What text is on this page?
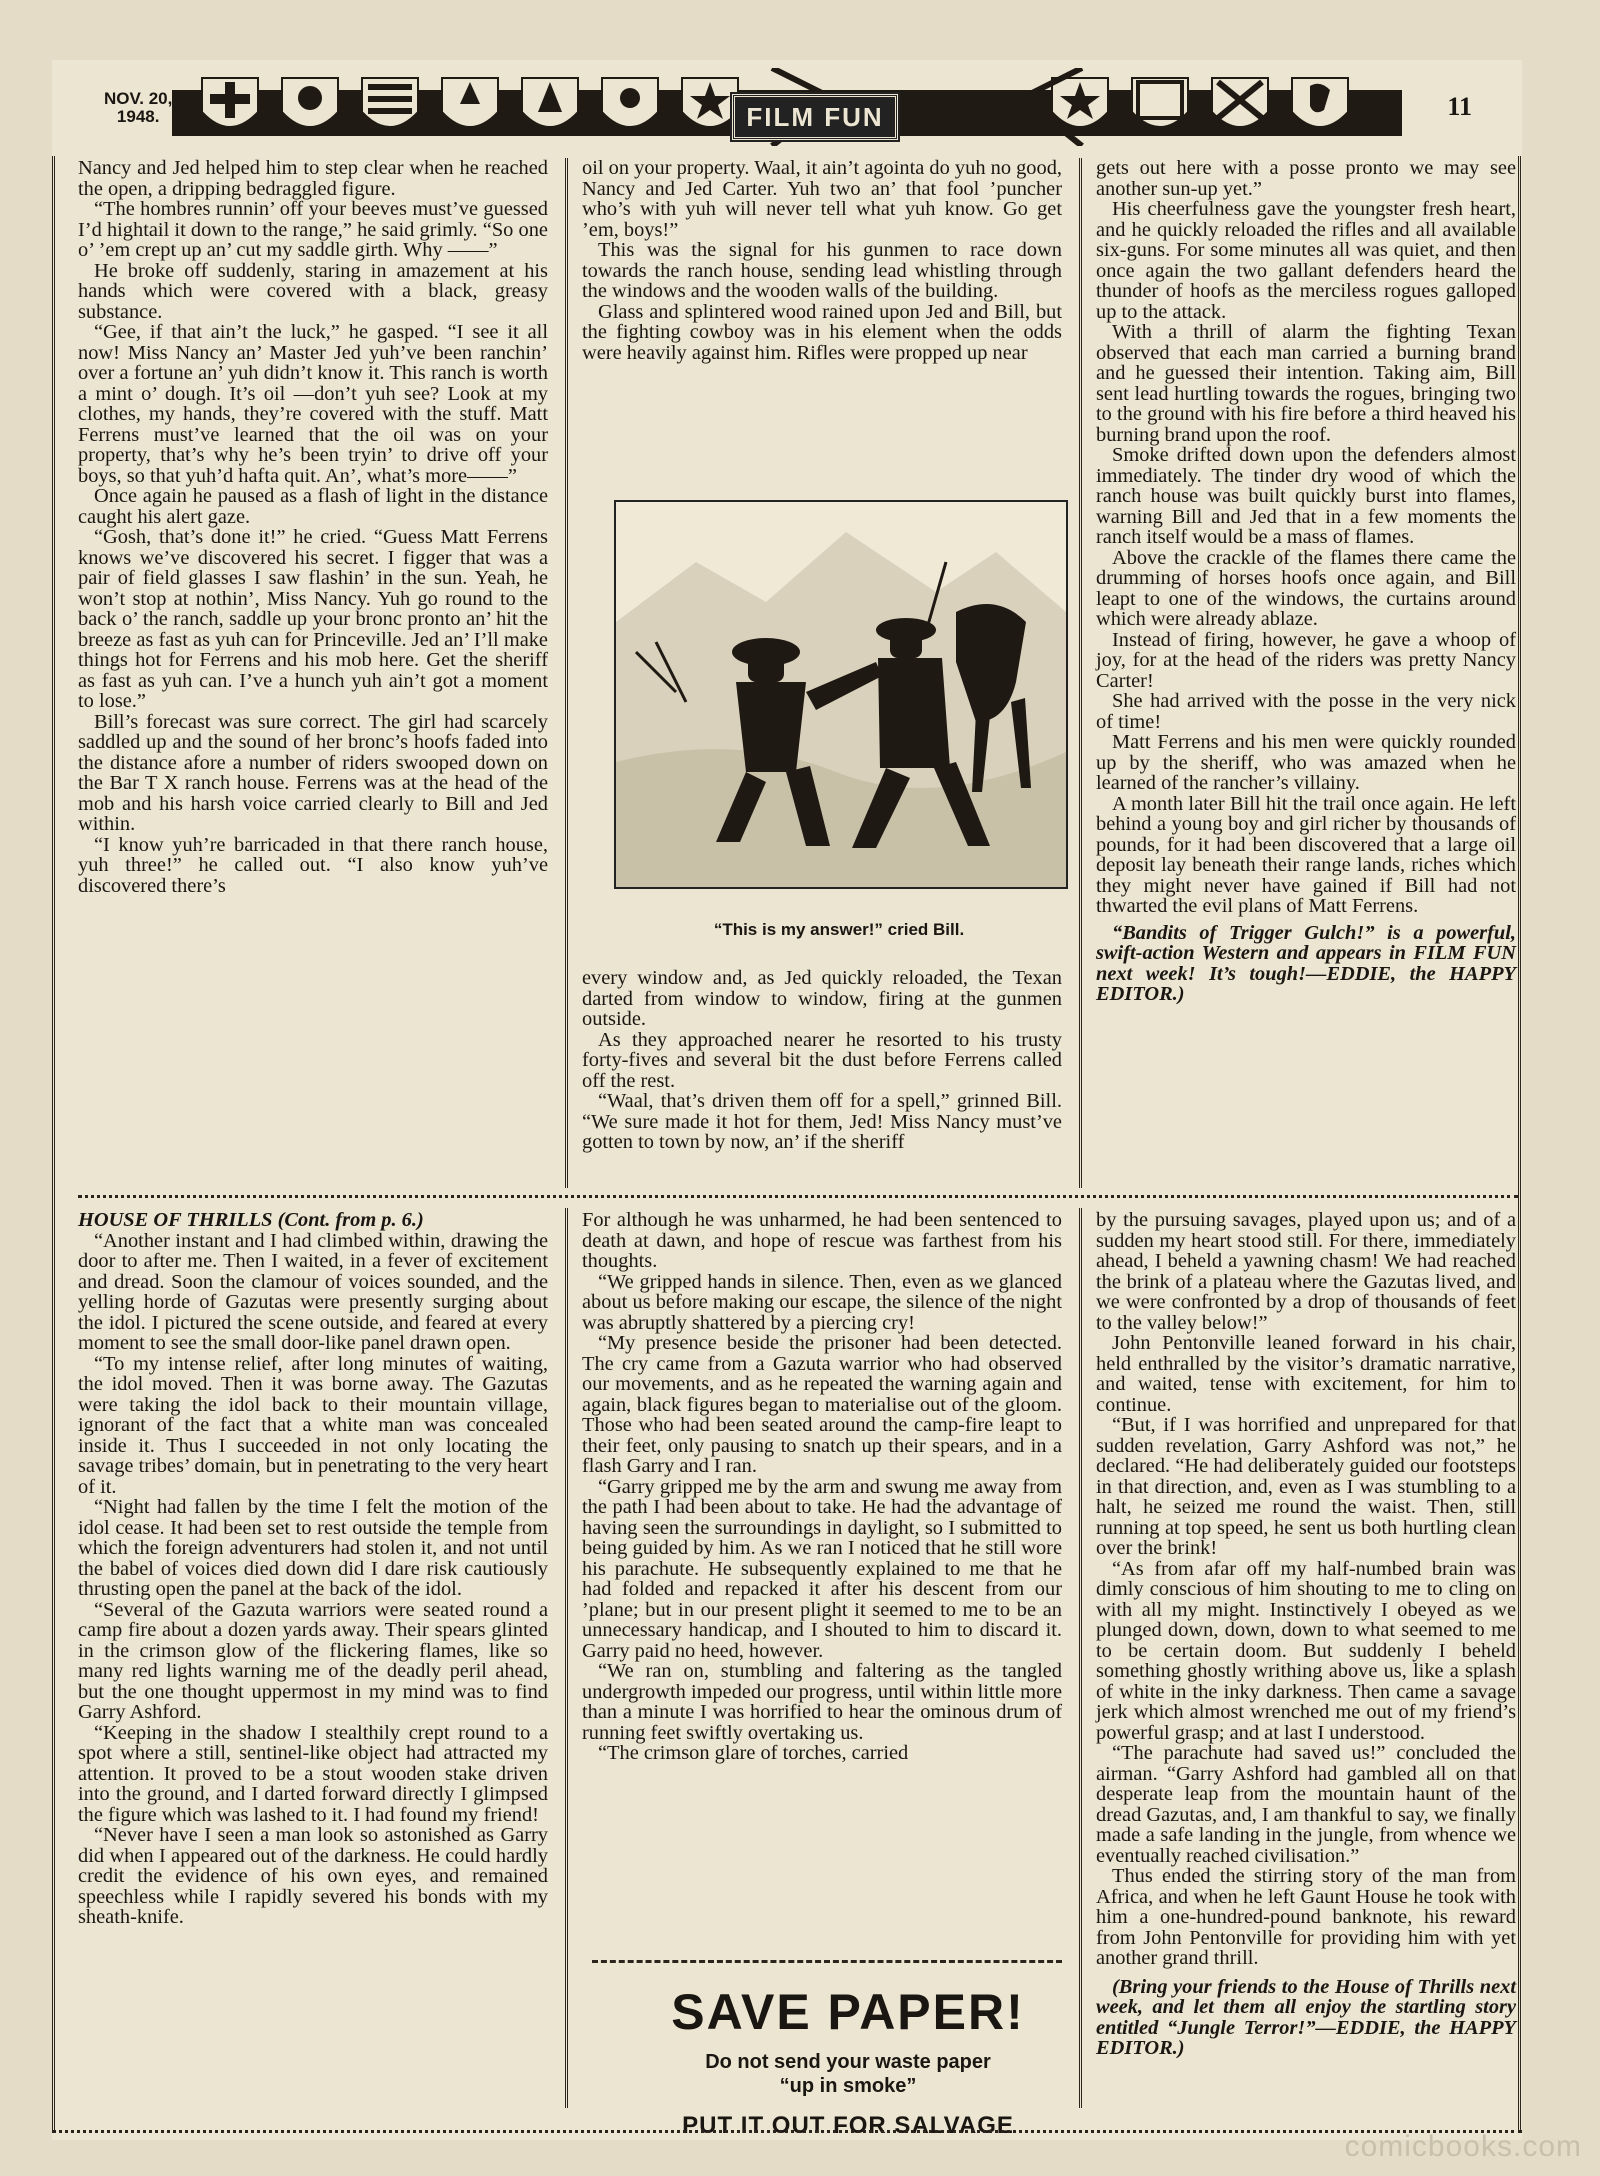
NOV. 20,
1948.	FILM FUN	11

Nancy and Jed helped him to step clear when he reached the open, a dripping bedraggled figure.

“The hombres runnin’ off your beeves must’ve guessed I’d hightail it down to the range,” he said grimly. “So one o’ ’em crept up an’ cut my saddle girth. Why ——”

He broke off suddenly, staring in amazement at his hands which were covered with a black, greasy substance.

“Gee, if that ain’t the luck,” he gasped. “I see it all now! Miss Nancy an’ Master Jed yuh’ve been ranchin’ over a fortune an’ yuh didn’t know it. This ranch is worth a mint o’ dough. It’s oil —don’t yuh see? Look at my clothes, my hands, they’re covered with the stuff. Matt Ferrens must’ve learned that the oil was on your property, that’s why he’s been tryin’ to drive off your boys, so that yuh’d hafta quit. An’, what’s more——”

Once again he paused as a flash of light in the distance caught his alert gaze.

“Gosh, that’s done it!” he cried. “Guess Matt Ferrens knows we’ve discovered his secret. I figger that was a pair of field glasses I saw flashin’ in the sun. Yeah, he won’t stop at nothin’, Miss Nancy. Yuh go round to the back o’ the ranch, saddle up your bronc pronto an’ hit the breeze as fast as yuh can for Princeville. Jed an’ I’ll make things hot for Ferrens and his mob here. Get the sheriff as fast as yuh can. I’ve a hunch yuh ain’t got a moment to lose.”

Bill’s forecast was sure correct. The girl had scarcely saddled up and the sound of her bronc’s hoofs faded into the distance afore a number of riders swooped down on the Bar T X ranch house. Ferrens was at the head of the mob and his harsh voice carried clearly to Bill and Jed within.

“I know yuh’re barricaded in that there ranch house, yuh three!” he called out. “I also know yuh’ve discovered there’s

oil on your property. Waal, it ain’t agointa do yuh no good, Nancy and Jed Carter. Yuh two an’ that fool ’puncher who’s with yuh will never tell what yuh know. Go get ’em, boys!”

This was the signal for his gunmen to race down towards the ranch house, sending lead whistling through the windows and the wooden walls of the building.

Glass and splintered wood rained upon Jed and Bill, but the fighting cowboy was in his element when the odds were heavily against him. Rifles were propped up near

“This is my answer!” cried Bill.

every window and, as Jed quickly reloaded, the Texan darted from window to window, firing at the gunmen outside.

As they approached nearer he resorted to his trusty forty-fives and several bit the dust before Ferrens called off the rest.

“Waal, that’s driven them off for a spell,” grinned Bill. “We sure made it hot for them, Jed! Miss Nancy must’ve gotten to town by now, an’ if the sheriff

gets out here with a posse pronto we may see another sun-up yet.”

His cheerfulness gave the youngster fresh heart, and he quickly reloaded the rifles and all available six-guns. For some minutes all was quiet, and then once again the two gallant defenders heard the thunder of hoofs as the merciless rogues galloped up to the attack.

With a thrill of alarm the fighting Texan observed that each man carried a burning brand and he guessed their intention. Taking aim, Bill sent lead hurtling towards the rogues, bringing two to the ground with his fire before a third heaved his burning brand upon the roof.

Smoke drifted down upon the defenders almost immediately. The tinder dry wood of which the ranch house was built quickly burst into flames, warning Bill and Jed that in a few moments the ranch itself would be a mass of flames.

Above the crackle of the flames there came the drumming of horses hoofs once again, and Bill leapt to one of the windows, the curtains around which were already ablaze.

Instead of firing, however, he gave a whoop of joy, for at the head of the riders was pretty Nancy Carter!

She had arrived with the posse in the very nick of time!

Matt Ferrens and his men were quickly rounded up by the sheriff, who was amazed when he learned of the rancher’s villainy.

A month later Bill hit the trail once again. He left behind a young boy and girl richer by thousands of pounds, for it had been discovered that a large oil deposit lay beneath their range lands, riches which they might never have gained if Bill had not thwarted the evil plans of Matt Ferrens.

“Bandits of Trigger Gulch!” is a powerful, swift-action Western and appears in FILM FUN next week! It’s tough!—EDDIE, the HAPPY EDITOR.)

HOUSE OF THRILLS (Cont. from p. 6.)

“Another instant and I had climbed within, drawing the door to after me. Then I waited, in a fever of excitement and dread. Soon the clamour of voices sounded, and the yelling horde of Gazutas were presently surging about the idol. I pictured the scene outside, and feared at every moment to see the small door-like panel drawn open.

“To my intense relief, after long minutes of waiting, the idol moved. Then it was borne away. The Gazutas were taking the idol back to their mountain village, ignorant of the fact that a white man was concealed inside it. Thus I succeeded in not only locating the savage tribes’ domain, but in penetrating to the very heart of it.

“Night had fallen by the time I felt the motion of the idol cease. It had been set to rest outside the temple from which the foreign adventurers had stolen it, and not until the babel of voices died down did I dare risk cautiously thrusting open the panel at the back of the idol.

“Several of the Gazuta warriors were seated round a camp fire about a dozen yards away. Their spears glinted in the crimson glow of the flickering flames, like so many red lights warning me of the deadly peril ahead, but the one thought uppermost in my mind was to find Garry Ashford.

“Keeping in the shadow I stealthily crept round to a spot where a still, sentinel-like object had attracted my attention. It proved to be a stout wooden stake driven into the ground, and I darted forward directly I glimpsed the figure which was lashed to it. I had found my friend!

“Never have I seen a man look so astonished as Garry did when I appeared out of the darkness. He could hardly credit the evidence of his own eyes, and remained speechless while I rapidly severed his bonds with my sheath-knife.

For although he was unharmed, he had been sentenced to death at dawn, and hope of rescue was farthest from his thoughts.

“We gripped hands in silence. Then, even as we glanced about us before making our escape, the silence of the night was abruptly shattered by a piercing cry!

“My presence beside the prisoner had been detected. The cry came from a Gazuta warrior who had observed our movements, and as he repeated the warning again and again, black figures began to materialise out of the gloom. Those who had been seated around the camp-fire leapt to their feet, only pausing to snatch up their spears, and in a flash Garry and I ran.

“Garry gripped me by the arm and swung me away from the path I had been about to take. He had the advantage of having seen the surroundings in daylight, so I submitted to being guided by him. As we ran I noticed that he still wore his parachute. He subsequently explained to me that he had folded and repacked it after his descent from our ’plane; but in our present plight it seemed to me to be an unnecessary handicap, and I shouted to him to discard it. Garry paid no heed, however.

“We ran on, stumbling and faltering as the tangled undergrowth impeded our progress, until within little more than a minute I was horrified to hear the ominous drum of running feet swiftly overtaking us.

“The crimson glare of torches, carried

SAVE PAPER!
Do not send your waste paper
“up in smoke”
PUT IT OUT FOR SALVAGE

by the pursuing savages, played upon us; and of a sudden my heart stood still. For there, immediately ahead, I beheld a yawning chasm! We had reached the brink of a plateau where the Gazutas lived, and we were confronted by a drop of thousands of feet to the valley below!”

John Pentonville leaned forward in his chair, held enthralled by the visitor’s dramatic narrative, and waited, tense with excitement, for him to continue.

“But, if I was horrified and unprepared for that sudden revelation, Garry Ashford was not,” he declared. “He had deliberately guided our footsteps in that direction, and, even as I was stumbling to a halt, he seized me round the waist. Then, still running at top speed, he sent us both hurtling clean over the brink!

“As from afar off my half-numbed brain was dimly conscious of him shouting to me to cling on with all my might. Instinctively I obeyed as we plunged down, down, down to what seemed to me to be certain doom. But suddenly I beheld something ghostly writhing above us, like a splash of white in the inky darkness. Then came a savage jerk which almost wrenched me out of my friend’s powerful grasp; and at last I understood.

“The parachute had saved us!” concluded the airman. “Garry Ashford had gambled all on that desperate leap from the mountain haunt of the dread Gazutas, and, I am thankful to say, we finally made a safe landing in the jungle, from whence we eventually reached civilisation.”

Thus ended the stirring story of the man from Africa, and when he left Gaunt House he took with him a one-hundred-pound banknote, his reward from John Pentonville for providing him with yet another grand thrill.

(Bring your friends to the House of Thrills next week, and let them all enjoy the startling story entitled “Jungle Terror!”—EDDIE, the HAPPY EDITOR.)

comicbooks.com
